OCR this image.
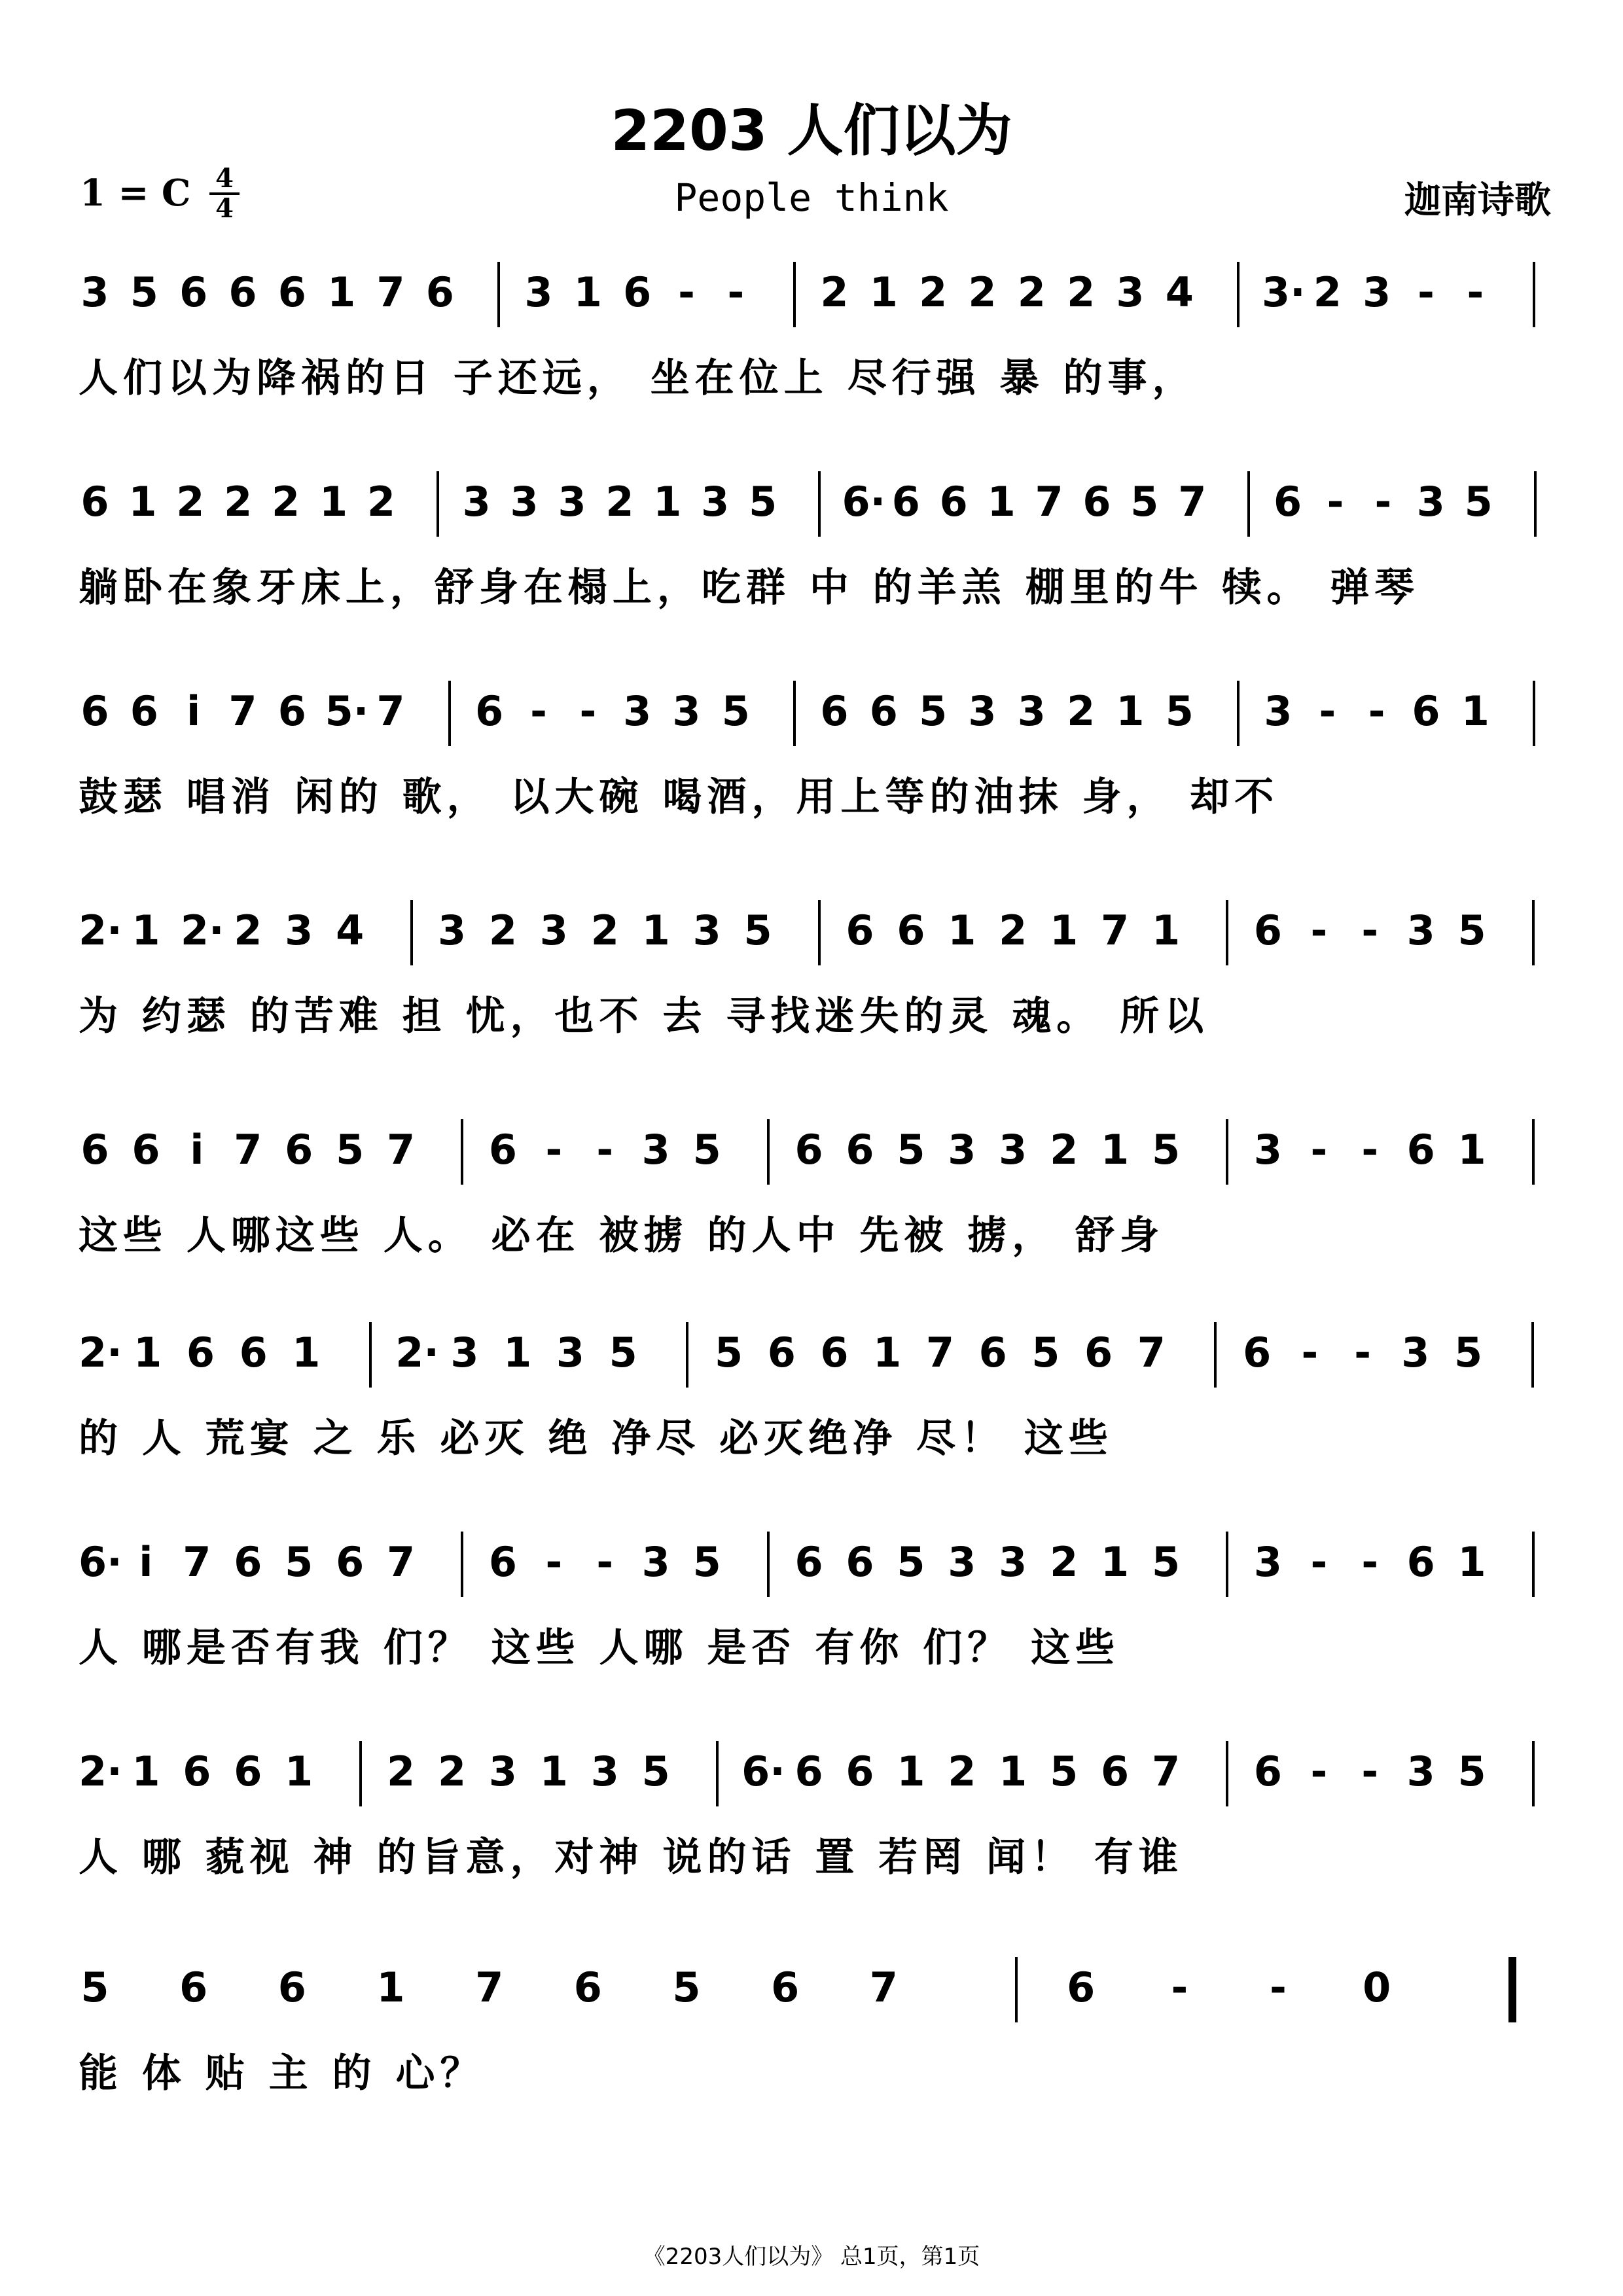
2203 人们以为
1 = C 4
4	People think	迦南诗歌
3 5 6 6 6 1 7 6 3 1 6 - - 2 1 2 2 2 2 3 4 3· 2 3 - -
人们以为降祸的日 子还远， 坐在位上 尽行强 暴 的事，
6 1 2 2 2 1 2 3 3 3 2 1 3 5 6· 6 6 1 7 6 5 7 6 - - 3 5
躺卧在象牙床上，舒身在榻上，吃群 中 的羊羔 棚里的牛 犊。 弹琴
6 6 i 7 6 5· 7 6 - - 3 3 5 6 6 5 3 3 2 1 5 3 - - 6 1
鼓瑟 唱消 闲的 歌， 以大碗 喝酒，用上等的油抹 身， 却不
2· 1 2· 2 3 4 3 2 3 2 1 3 5 6 6 1 2 1 7 1 6 - - 3 5
为 约瑟 的苦难 担 忧，也不 去 寻找迷失的灵 魂。 所以
6 6 i 7 6 5 7 6 - - 3 5 6 6 5 3 3 2 1 5 3 - - 6 1
这些 人哪这些 人。 必在 被掳 的人中 先被 掳， 舒身
2· 1 6 6 1 2· 3 1 3 5 5 6 6 1 7 6 5 6 7 6 - - 3 5
的 人 荒宴 之 乐 必灭 绝 净尽 必灭绝净 尽！ 这些
6· i 7 6 5 6 7 6 - - 3 5 6 6 5 3 3 2 1 5 3 - - 6 1
人 哪是否有我 们？ 这些 人哪 是否 有你 们？ 这些
2· 1 6 6 1 2 2 3 1 3 5 6· 6 6 1 2 1 5 6 7 6 - - 3 5
人 哪 藐视 神 的旨意，对神 说的话 置 若罔 闻！ 有谁
5 6 6 1 7 6 5 6 7	6 - - 0
能 体 贴 主 的 心？
《2203人们以为》 总1页，第1页
